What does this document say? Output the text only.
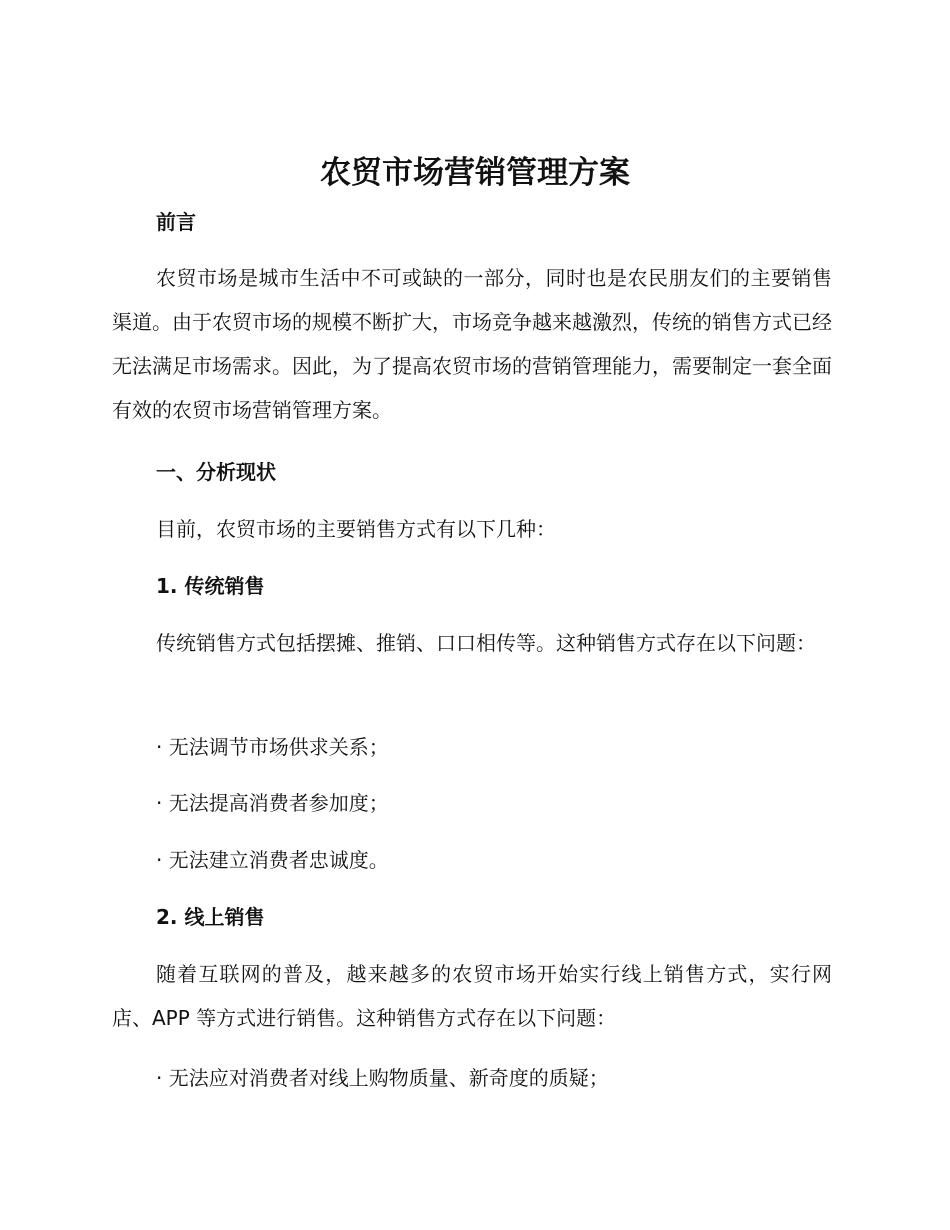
农贸市场营销管理方案
前言
农贸市场是城市生活中不可或缺的一部分，同时也是农民朋友们的主要销售渠道。由于农贸市场的规模不断扩大，市场竞争越来越激烈，传统的销售方式已经无法满足市场需求。因此，为了提高农贸市场的营销管理能力，需要制定一套全面有效的农贸市场营销管理方案。
一、分析现状
目前，农贸市场的主要销售方式有以下几种：
1. 传统销售
传统销售方式包括摆摊、推销、口口相传等。这种销售方式存在以下问题：
· 无法调节市场供求关系；
· 无法提高消费者参加度；
· 无法建立消费者忠诚度。
2. 线上销售
随着互联网的普及，越来越多的农贸市场开始实行线上销售方式，实行网店、APP 等方式进行销售。这种销售方式存在以下问题：
· 无法应对消费者对线上购物质量、新奇度的质疑；
